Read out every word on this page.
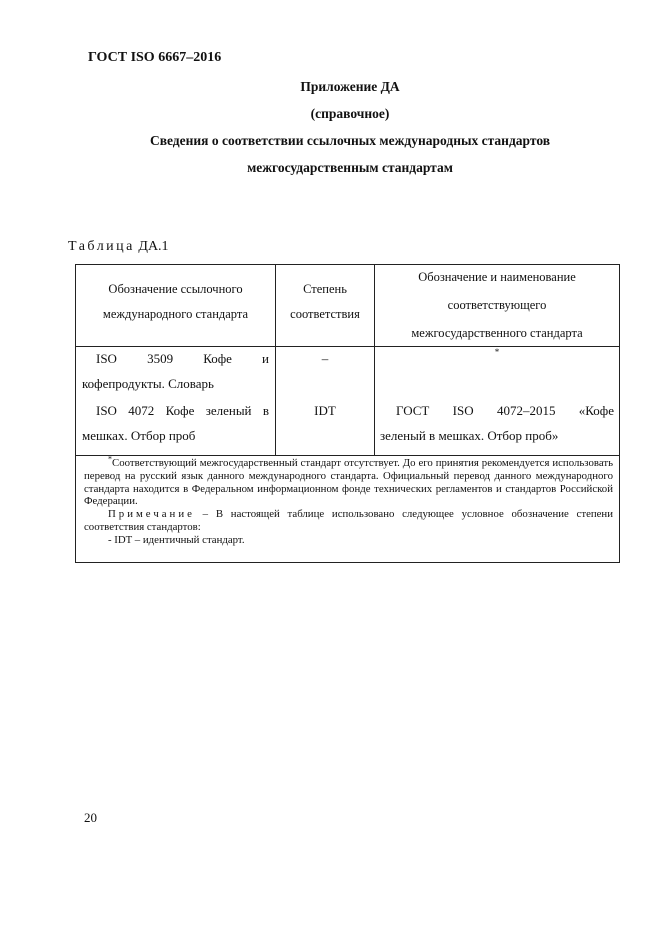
ГОСТ ISO 6667–2016
Приложение ДА
(справочное)
Сведения о соответствии ссылочных международных стандартов
межгосударственным стандартам
Таблица ДА.1
Обозначение ссылочного
международного стандарта
Степень
соответствия
Обозначение и наименование
соответствующего
межгосударственного стандарта
ISO 3509 Кофе и
кофепродукты. Словарь
–	*
ISO 4072 Кофе зеленый в
мешках. Отбор проб
IDT	ГОСТ ISO 4072–2015 «Кофе
зеленый в мешках. Отбор проб»

*Соответствующий межгосударственный стандарт отсутствует. До его принятия рекомендуется использовать перевод на русский язык данного международного стандарта. Официальный перевод данного международного стандарта находится в Федеральном информационном фонде технических регламентов и стандартов Российской Федерации.

Примечание – В настоящей таблице использовано следующее условное обозначение степени соответствия стандартов:

- IDT – идентичный стандарт.

20
